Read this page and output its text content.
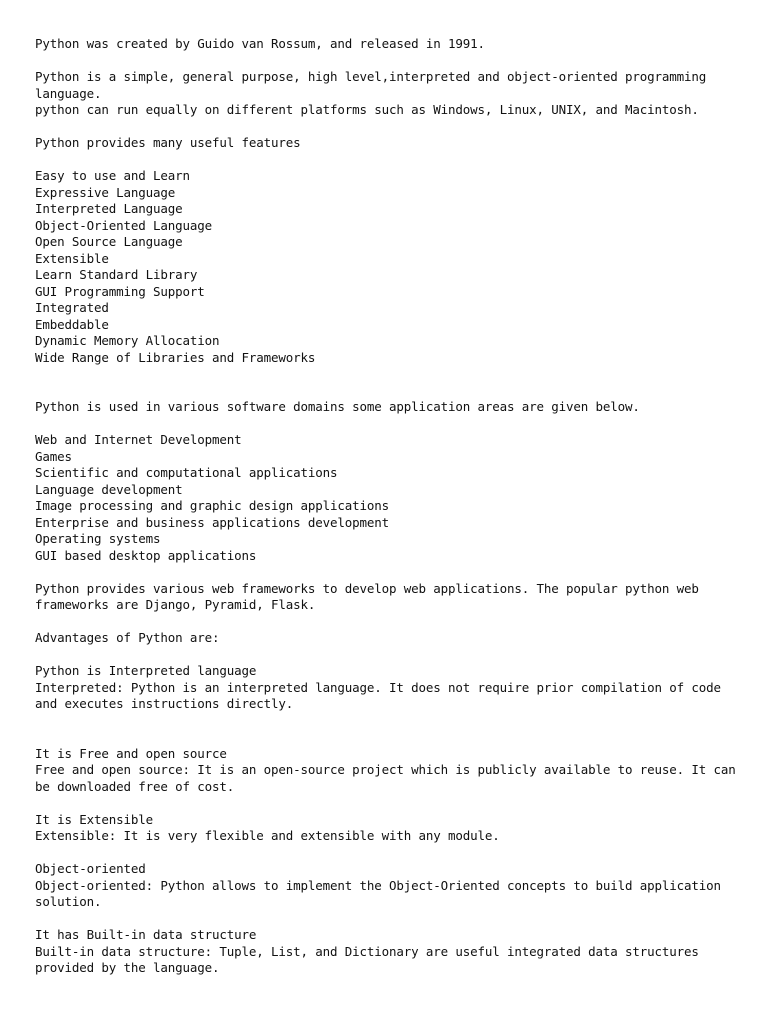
Python was created by Guido van Rossum, and released in 1991.

Python is a simple, general purpose, high level,interpreted and object-oriented programming language.

python can run equally on different platforms such as Windows, Linux, UNIX, and Macintosh.

Python provides many useful features

Easy to use and Learn
Expressive Language
Interpreted Language
Object-Oriented Language
Open Source Language
Extensible
Learn Standard Library
GUI Programming Support
Integrated
Embeddable
Dynamic Memory Allocation
Wide Range of Libraries and Frameworks

Python is used in various software domains some application areas are given below.

Web and Internet Development
Games
Scientific and computational applications
Language development
Image processing and graphic design applications
Enterprise and business applications development
Operating systems
GUI based desktop applications

Python provides various web frameworks to develop web applications. The popular python web frameworks are Django, Pyramid, Flask.

Advantages of Python are:

Python is Interpreted language

Interpreted: Python is an interpreted language. It does not require prior compilation of code and executes instructions directly.

It is Free and open source

Free and open source: It is an open-source project which is publicly available to reuse. It can be downloaded free of cost.

It is Extensible

Extensible: It is very flexible and extensible with any module.

Object-oriented

Object-oriented: Python allows to implement the Object-Oriented concepts to build application solution.

It has Built-in data structure

Built-in data structure: Tuple, List, and Dictionary are useful integrated data structures provided by the language.
